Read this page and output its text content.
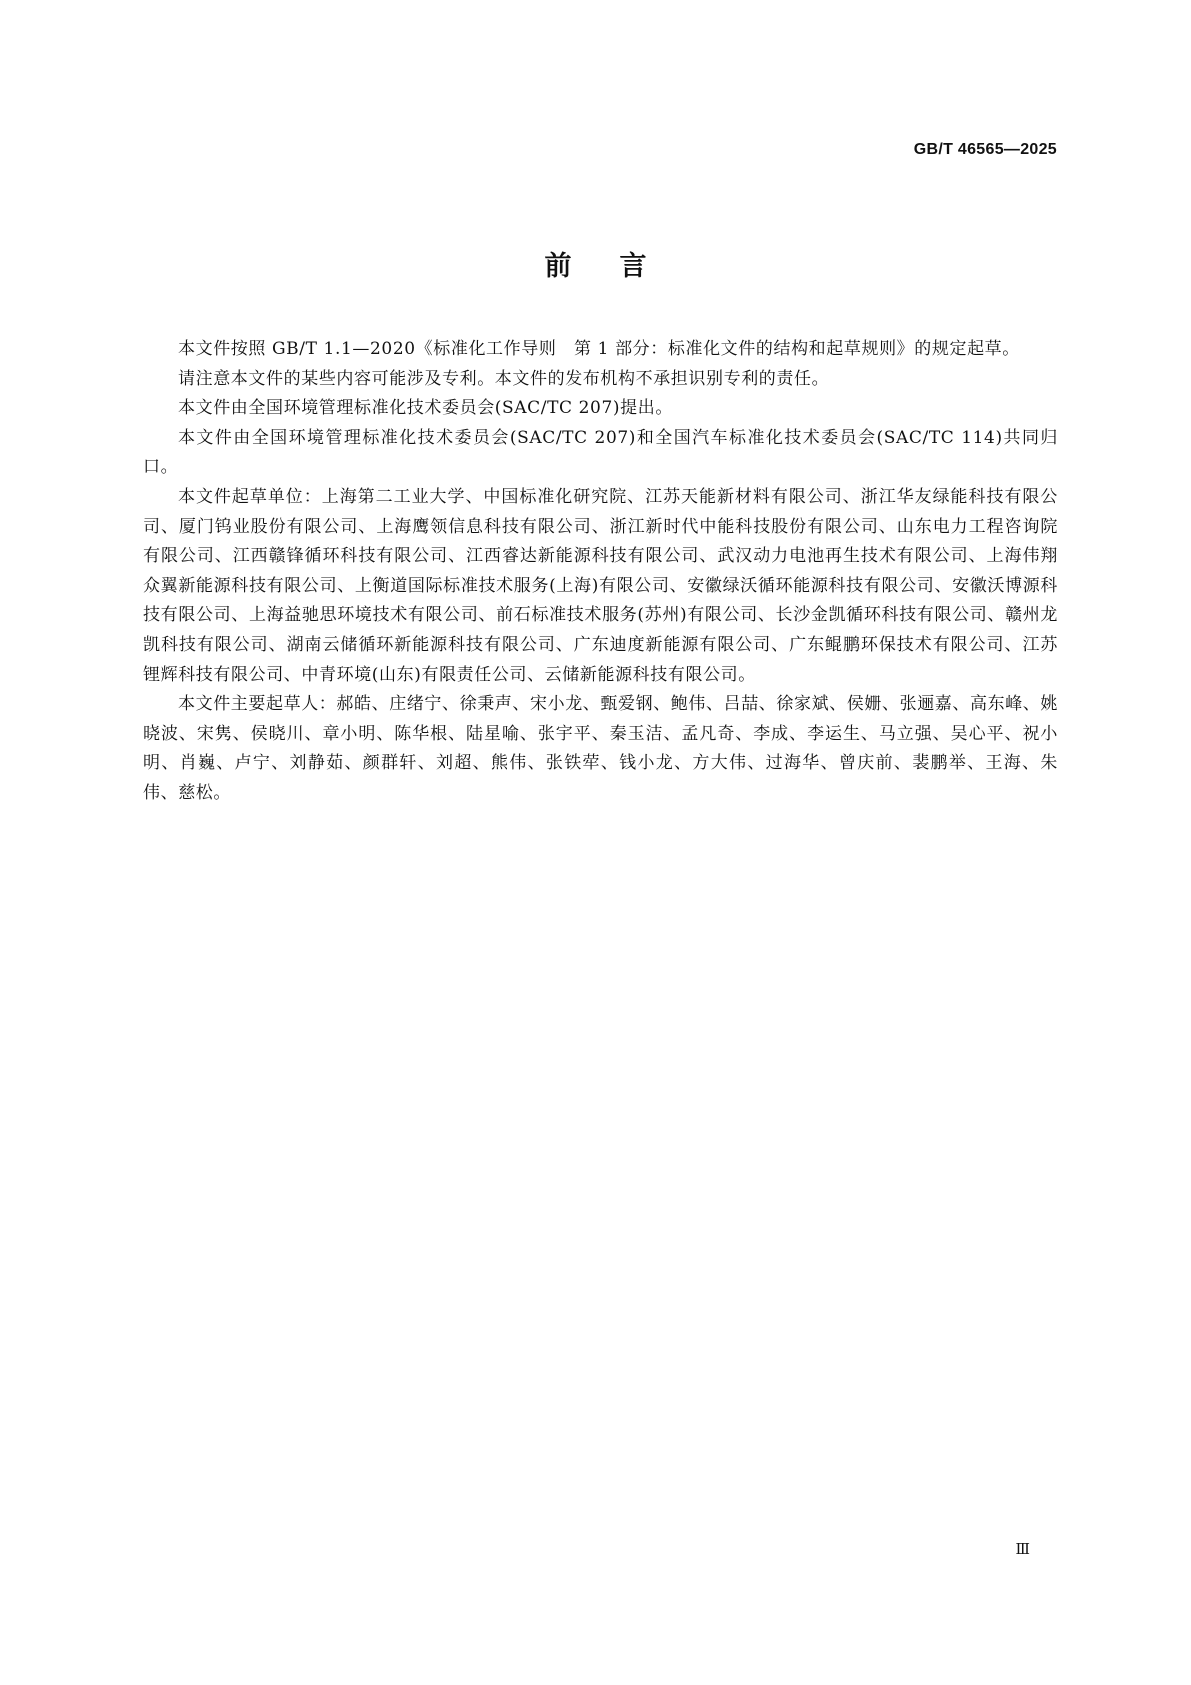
GB/T 46565—2025
前言

本文件按照 GB/T 1.1—2020《标准化工作导则　第 1 部分：标准化文件的结构和起草规则》的规定起草。

请注意本文件的某些内容可能涉及专利。本文件的发布机构不承担识别专利的责任。

本文件由全国环境管理标准化技术委员会(SAC/TC 207)提出。

本文件由全国环境管理标准化技术委员会(SAC/TC 207)和全国汽车标准化技术委员会(SAC/TC 114)共同归口。

本文件起草单位：上海第二工业大学、中国标准化研究院、江苏天能新材料有限公司、浙江华友绿能科技有限公司、厦门钨业股份有限公司、上海鹰领信息科技有限公司、浙江新时代中能科技股份有限公司、山东电力工程咨询院有限公司、江西赣锋循环科技有限公司、江西睿达新能源科技有限公司、武汉动力电池再生技术有限公司、上海伟翔众翼新能源科技有限公司、上衡道国际标准技术服务(上海)有限公司、安徽绿沃循环能源科技有限公司、安徽沃博源科技有限公司、上海益驰思环境技术有限公司、前石标准技术服务(苏州)有限公司、长沙金凯循环科技有限公司、赣州龙凯科技有限公司、湖南云储循环新能源科技有限公司、广东迪度新能源有限公司、广东鲲鹏环保技术有限公司、江苏锂辉科技有限公司、中青环境(山东)有限责任公司、云储新能源科技有限公司。

本文件主要起草人：郝皓、庄绪宁、徐秉声、宋小龙、甄爱钢、鲍伟、吕喆、徐家斌、侯姗、张逦嘉、高东峰、姚晓波、宋隽、侯晓川、章小明、陈华根、陆星喻、张宇平、秦玉洁、孟凡奇、李成、李运生、马立强、吴心平、祝小明、肖巍、卢宁、刘静茹、颜群轩、刘超、熊伟、张铁荦、钱小龙、方大伟、过海华、曾庆前、裴鹏举、王海、朱伟、慈松。

Ⅲ
